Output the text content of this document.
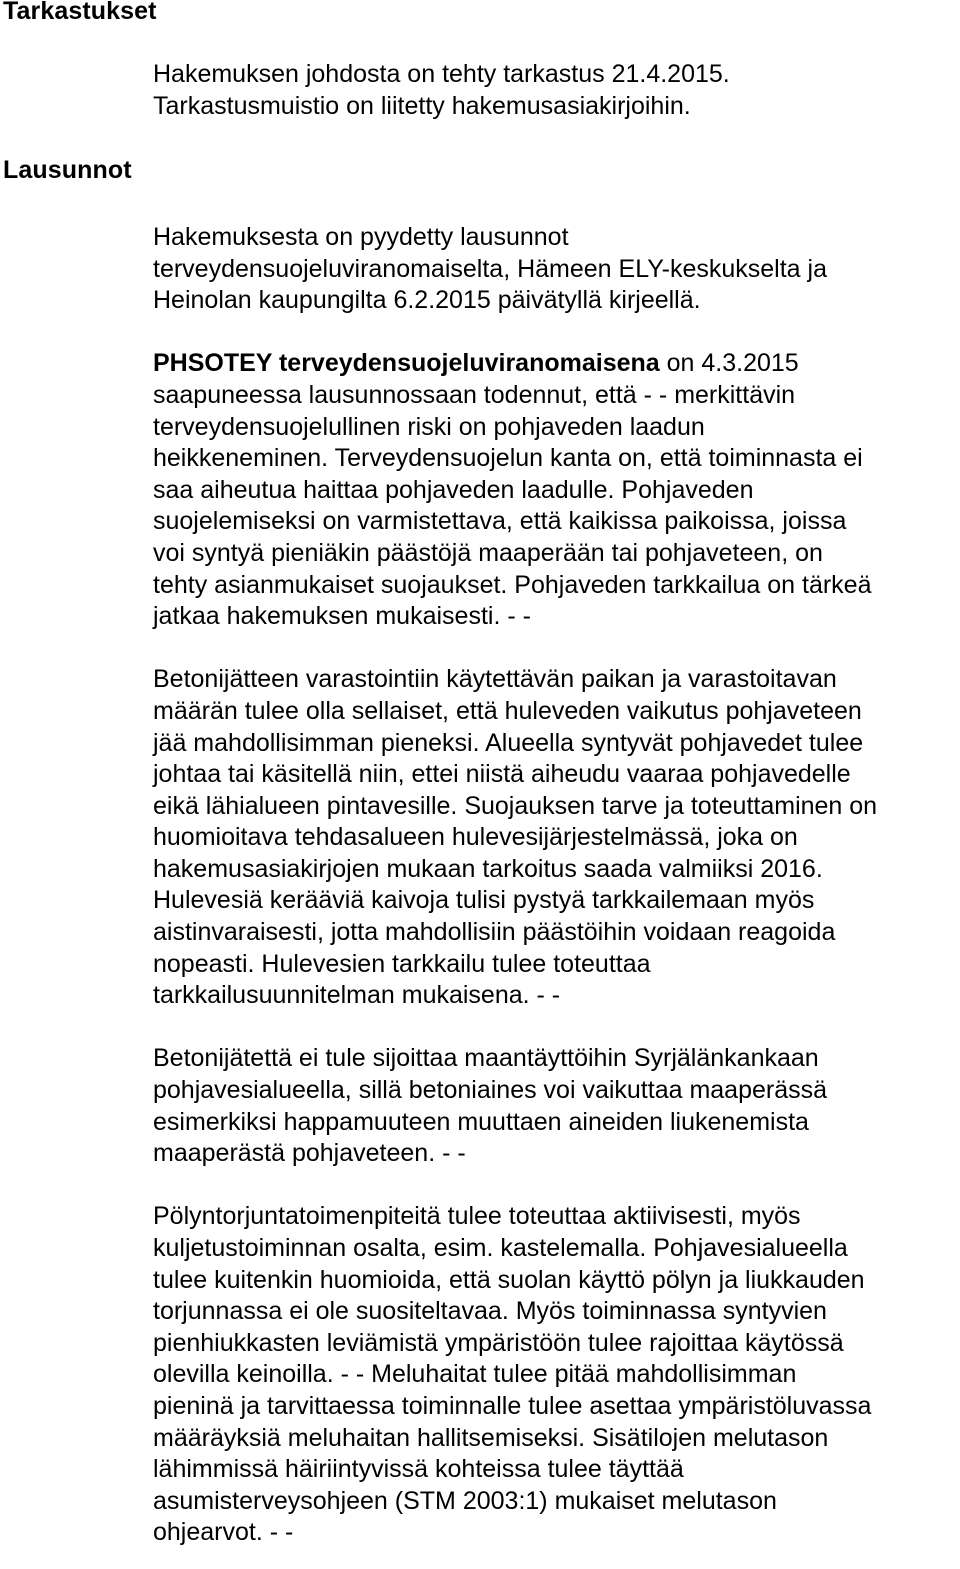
Tarkastukset

Hakemuksen johdosta on tehty tarkastus 21.4.2015.

Tarkastusmuistio on liitetty hakemusasiakirjoihin.

Lausunnot

Hakemuksesta on pyydetty lausunnot

terveydensuojeluviranomaiselta, Hämeen ELY-keskukselta ja

Heinolan kaupungilta 6.2.2015 päivätyllä kirjeellä.

PHSOTEY terveydensuojeluviranomaisena on 4.3.2015

saapuneessa lausunnossaan todennut, että - - merkittävin

terveydensuojelullinen riski on pohjaveden laadun

heikkeneminen. Terveydensuojelun kanta on, että toiminnasta ei

saa aiheutua haittaa pohjaveden laadulle. Pohjaveden

suojelemiseksi on varmistettava, että kaikissa paikoissa, joissa

voi syntyä pieniäkin päästöjä maaperään tai pohjaveteen, on

tehty asianmukaiset suojaukset. Pohjaveden tarkkailua on tärkeä

jatkaa hakemuksen mukaisesti. - -

Betonijätteen varastointiin käytettävän paikan ja varastoitavan

määrän tulee olla sellaiset, että huleveden vaikutus pohjaveteen

jää mahdollisimman pieneksi. Alueella syntyvät pohjavedet tulee

johtaa tai käsitellä niin, ettei niistä aiheudu vaaraa pohjavedelle

eikä lähialueen pintavesille. Suojauksen tarve ja toteuttaminen on

huomioitava tehdasalueen hulevesijärjestelmässä, joka on

hakemusasiakirjojen mukaan tarkoitus saada valmiiksi 2016.

Hulevesiä kerääviä kaivoja tulisi pystyä tarkkailemaan myös

aistinvaraisesti, jotta mahdollisiin päästöihin voidaan reagoida

nopeasti. Hulevesien tarkkailu tulee toteuttaa

tarkkailusuunnitelman mukaisena. - -

Betonijätettä ei tule sijoittaa maantäyttöihin Syrjälänkankaan

pohjavesialueella, sillä betoniaines voi vaikuttaa maaperässä

esimerkiksi happamuuteen muuttaen aineiden liukenemista

maaperästä pohjaveteen. - -

Pölyntorjuntatoimenpiteitä tulee toteuttaa aktiivisesti, myös

kuljetustoiminnan osalta, esim. kastelemalla. Pohjavesialueella

tulee kuitenkin huomioida, että suolan käyttö pölyn ja liukkauden

torjunnassa ei ole suositeltavaa. Myös toiminnassa syntyvien

pienhiukkasten leviämistä ympäristöön tulee rajoittaa käytössä

olevilla keinoilla. - - Meluhaitat tulee pitää mahdollisimman

pieninä ja tarvittaessa toiminnalle tulee asettaa ympäristöluvassa

määräyksiä meluhaitan hallitsemiseksi. Sisätilojen melutason

lähimmissä häiriintyvissä kohteissa tulee täyttää

asumisterveysohjeen (STM 2003:1) mukaiset melutason

ohjearvot. - -
